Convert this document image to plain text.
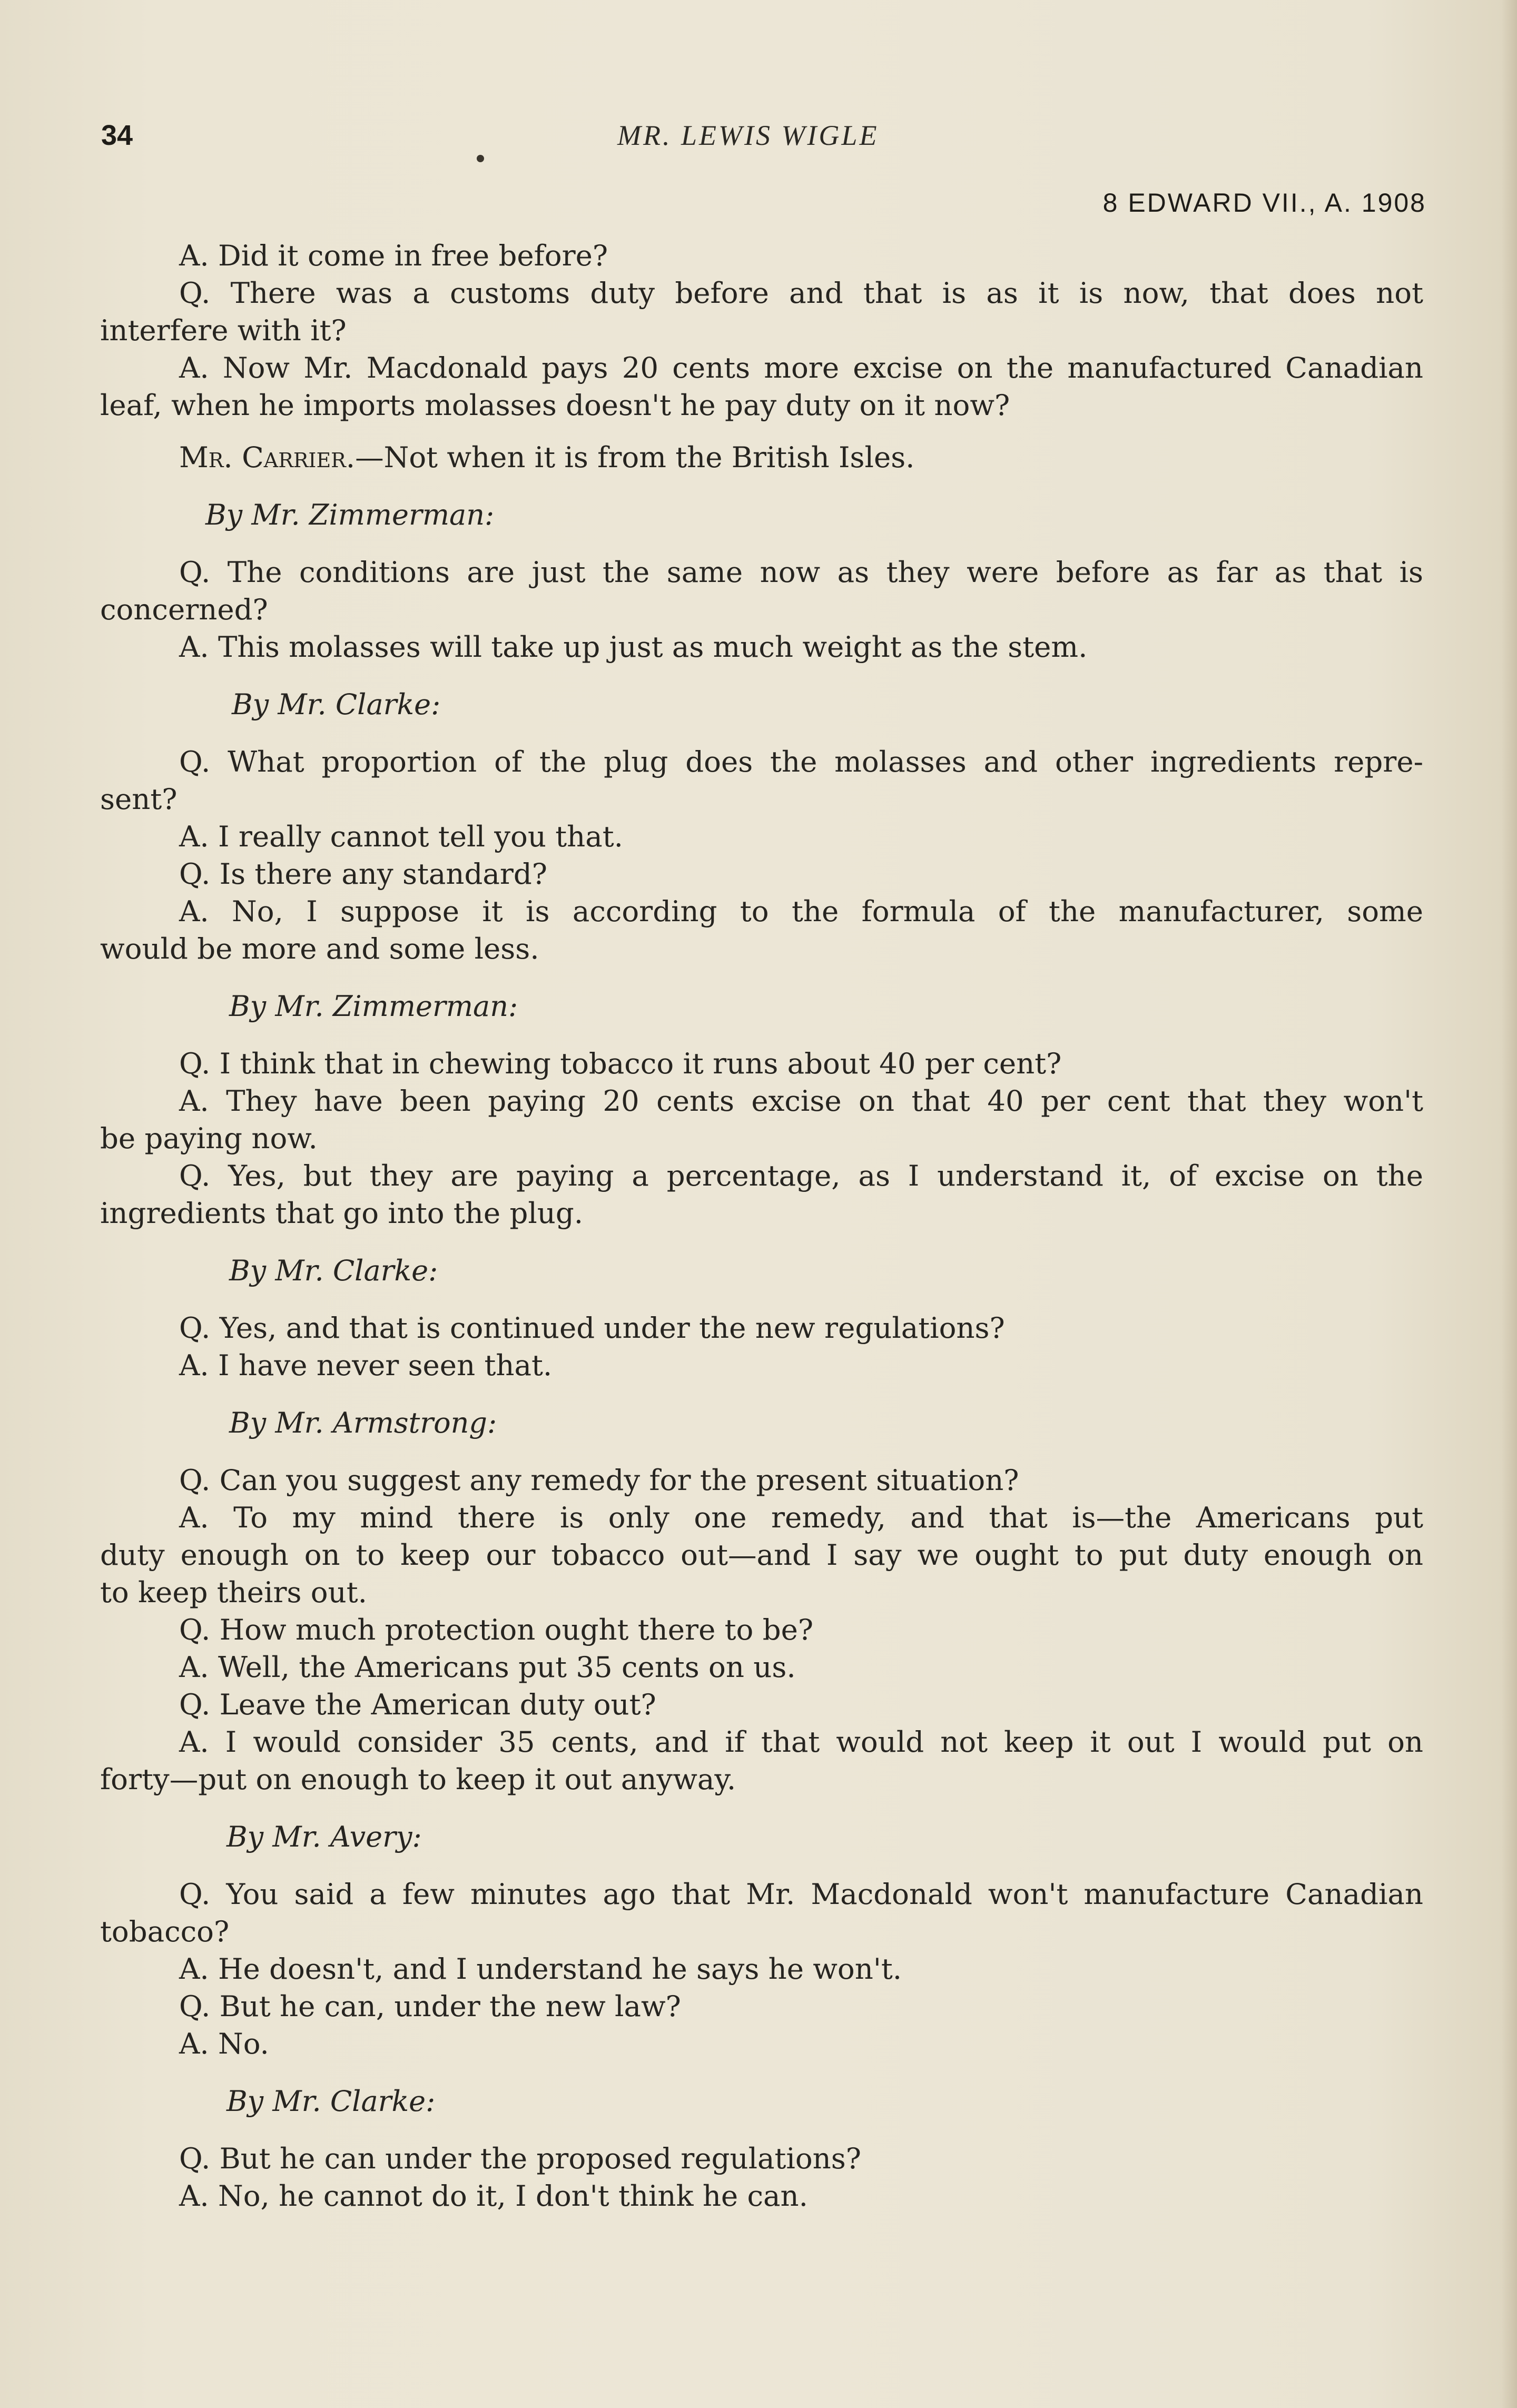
34	MR. LEWIS WIGLE
8 EDWARD VII., A. 1908
A. Did it come in free before?
Q. There was a customs duty before and that is as it is now, that does not
interfere with it?
A. Now Mr. Macdonald pays 20 cents more excise on the manufactured Canadian
leaf, when he imports molasses doesn't he pay duty on it now?
Mr. Carrier.—Not when it is from the British Isles.
By Mr. Zimmerman:
Q. The conditions are just the same now as they were before as far as that is
concerned?
A. This molasses will take up just as much weight as the stem.
By Mr. Clarke:
Q. What proportion of the plug does the molasses and other ingredients repre-
sent?
A. I really cannot tell you that.
Q. Is there any standard?
A. No, I suppose it is according to the formula of the manufacturer, some
would be more and some less.
By Mr. Zimmerman:
Q. I think that in chewing tobacco it runs about 40 per cent?
A. They have been paying 20 cents excise on that 40 per cent that they won't
be paying now.
Q. Yes, but they are paying a percentage, as I understand it, of excise on the
ingredients that go into the plug.
By Mr. Clarke:
Q. Yes, and that is continued under the new regulations?
A. I have never seen that.
By Mr. Armstrong:
Q. Can you suggest any remedy for the present situation?
A. To my mind there is only one remedy, and that is—the Americans put
duty enough on to keep our tobacco out—and I say we ought to put duty enough on
to keep theirs out.
Q. How much protection ought there to be?
A. Well, the Americans put 35 cents on us.
Q. Leave the American duty out?
A. I would consider 35 cents, and if that would not keep it out I would put on
forty—put on enough to keep it out anyway.
By Mr. Avery:
Q. You said a few minutes ago that Mr. Macdonald won't manufacture Canadian
tobacco?
A. He doesn't, and I understand he says he won't.
Q. But he can, under the new law?
A. No.
By Mr. Clarke:
Q. But he can under the proposed regulations?
A. No, he cannot do it, I don't think he can.
